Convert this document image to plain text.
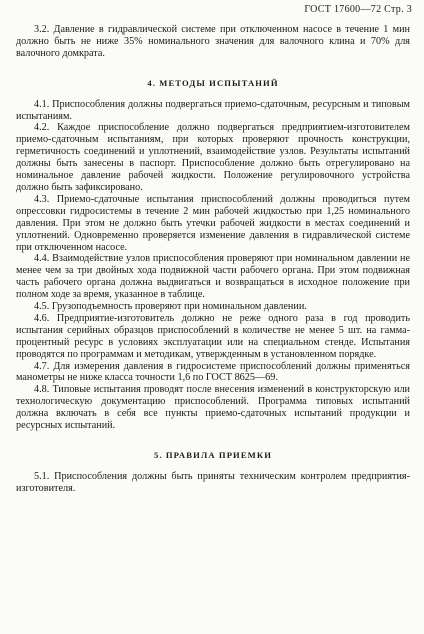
ГОСТ 17600—72 Стр. 3

3.2. Давление в гидравлической системе при отключенном насосе в течение 1 мин должно быть не ниже 35% номинального значения для валочного клина и 70% для валочного домкрата.

4. МЕТОДЫ ИСПЫТАНИЙ

4.1. Приспособления должны подвергаться приемо-сдаточным, ресурсным и типовым испытаниям.

4.2. Каждое приспособление должно подвергаться предприятием-изготовителем приемо-сдаточным испытаниям, при которых проверяют прочность конструкции, герметичность соединений и уплотнений, взаимодействие узлов. Результаты испытаний должны быть занесены в паспорт. Приспособление должно быть отрегулировано на номинальное давление рабочей жидкости. Положение регулировочного устройства должно быть зафиксировано.

4.3. Приемо-сдаточные испытания приспособлений должны проводиться путем опрессовки гидросистемы в течение 2 мин рабочей жидкостью при 1,25 номинального давления. При этом не должно быть утечки рабочей жидкости в местах соединений и уплотнений. Одновременно проверяется изменение давления в гидравлической системе при отключенном насосе.

4.4. Взаимодействие узлов приспособления проверяют при номинальном давлении не менее чем за три двойных хода подвижной части рабочего органа. При этом подвижная часть рабочего органа должна выдвигаться и возвращаться в исходное положение при полном ходе за время, указанное в таблице.

4.5. Грузоподъемность проверяют при номинальном давлении.

4.6. Предприятие-изготовитель должно не реже одного раза в год проводить испытания серийных образцов приспособлений в количестве не менее 5 шт. на гамма-процентный ресурс в условиях эксплуатации или на специальном стенде. Испытания проводятся по программам и методикам, утвержденным в установленном порядке.

4.7. Для измерения давления в гидросистеме приспособлений должны применяться манометры не ниже класса точности 1,6 по ГОСТ 8625—69.

4.8. Типовые испытания проводят после внесения изменений в конструкторскую или технологическую документацию приспособлений. Программа типовых испытаний должна включать в себя все пункты приемо-сдаточных испытаний продукции и ресурсных испытаний.

5. ПРАВИЛА ПРИЕМКИ

5.1. Приспособления должны быть приняты техническим контролем предприятия-изготовителя.
